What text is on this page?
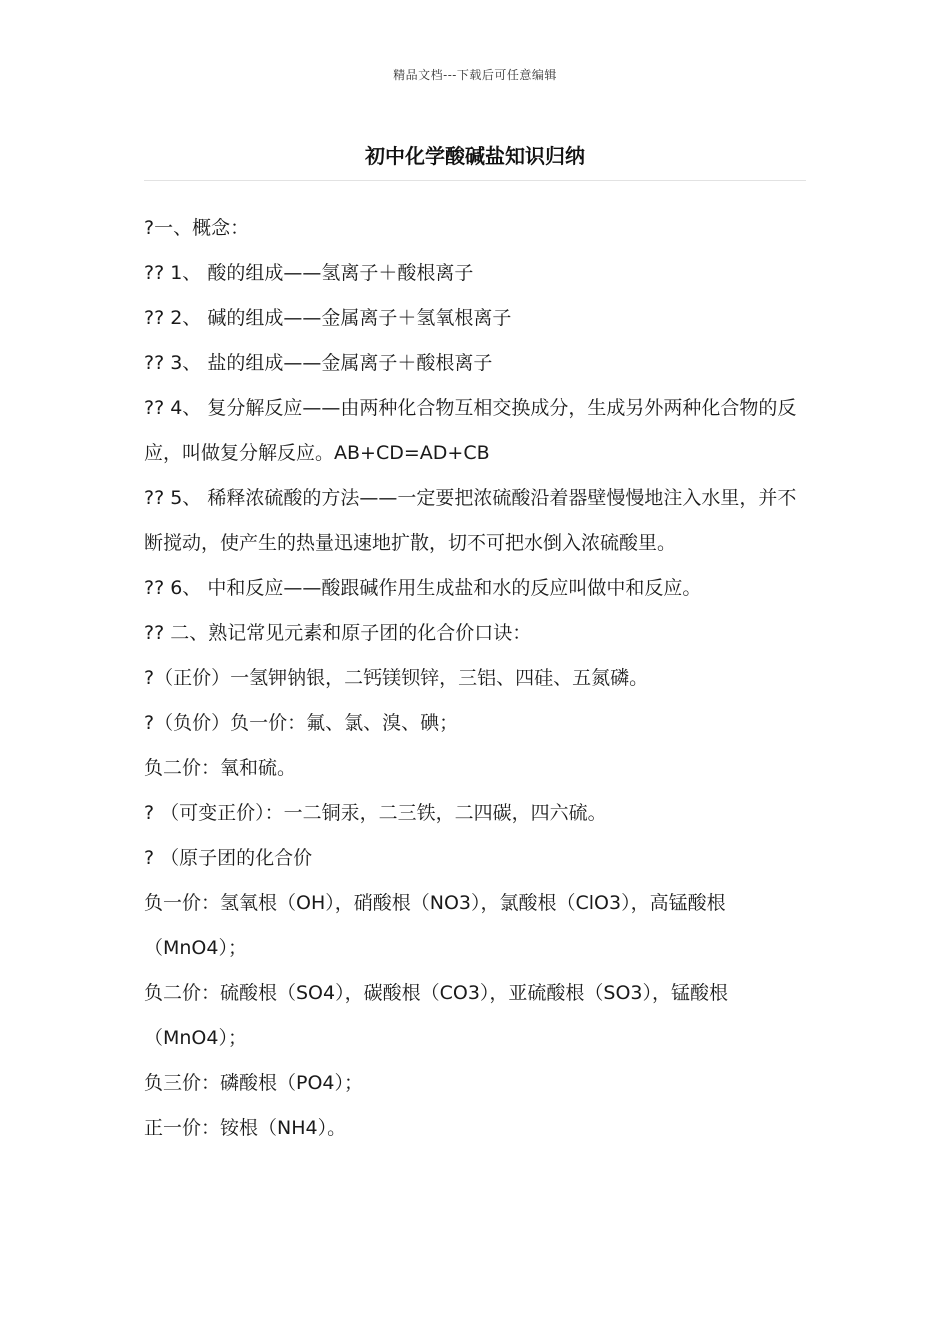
精品文档---下载后可任意编辑
初中化学酸碱盐知识归纳

?一、概念：

?? 1、 酸的组成——氢离子＋酸根离子

?? 2、 碱的组成——金属离子＋氢氧根离子

?? 3、 盐的组成——金属离子＋酸根离子

?? 4、 复分解反应——由两种化合物互相交换成分，生成另外两种化合物的反应，叫做复分解反应。AB+CD=AD+CB

?? 5、 稀释浓硫酸的方法——一定要把浓硫酸沿着器壁慢慢地注入水里，并不断搅动，使产生的热量迅速地扩散，切不可把水倒入浓硫酸里。

?? 6、 中和反应——酸跟碱作用生成盐和水的反应叫做中和反应。

?? 二、熟记常见元素和原子团的化合价口诀：

?（正价）一氢钾钠银，二钙镁钡锌，三铝、四硅、五氮磷。

?（负价）负一价：氟、氯、溴、碘；

负二价：氧和硫。

? （可变正价）：一二铜汞，二三铁，二四碳，四六硫。

? （原子团的化合价

负一价：氢氧根（OH），硝酸根（NO3），氯酸根（ClO3），高锰酸根（MnO4）；

负二价：硫酸根（SO4），碳酸根（CO3），亚硫酸根（SO3），锰酸根（MnO4）；

负三价：磷酸根（PO4）；

正一价：铵根（NH4）。
